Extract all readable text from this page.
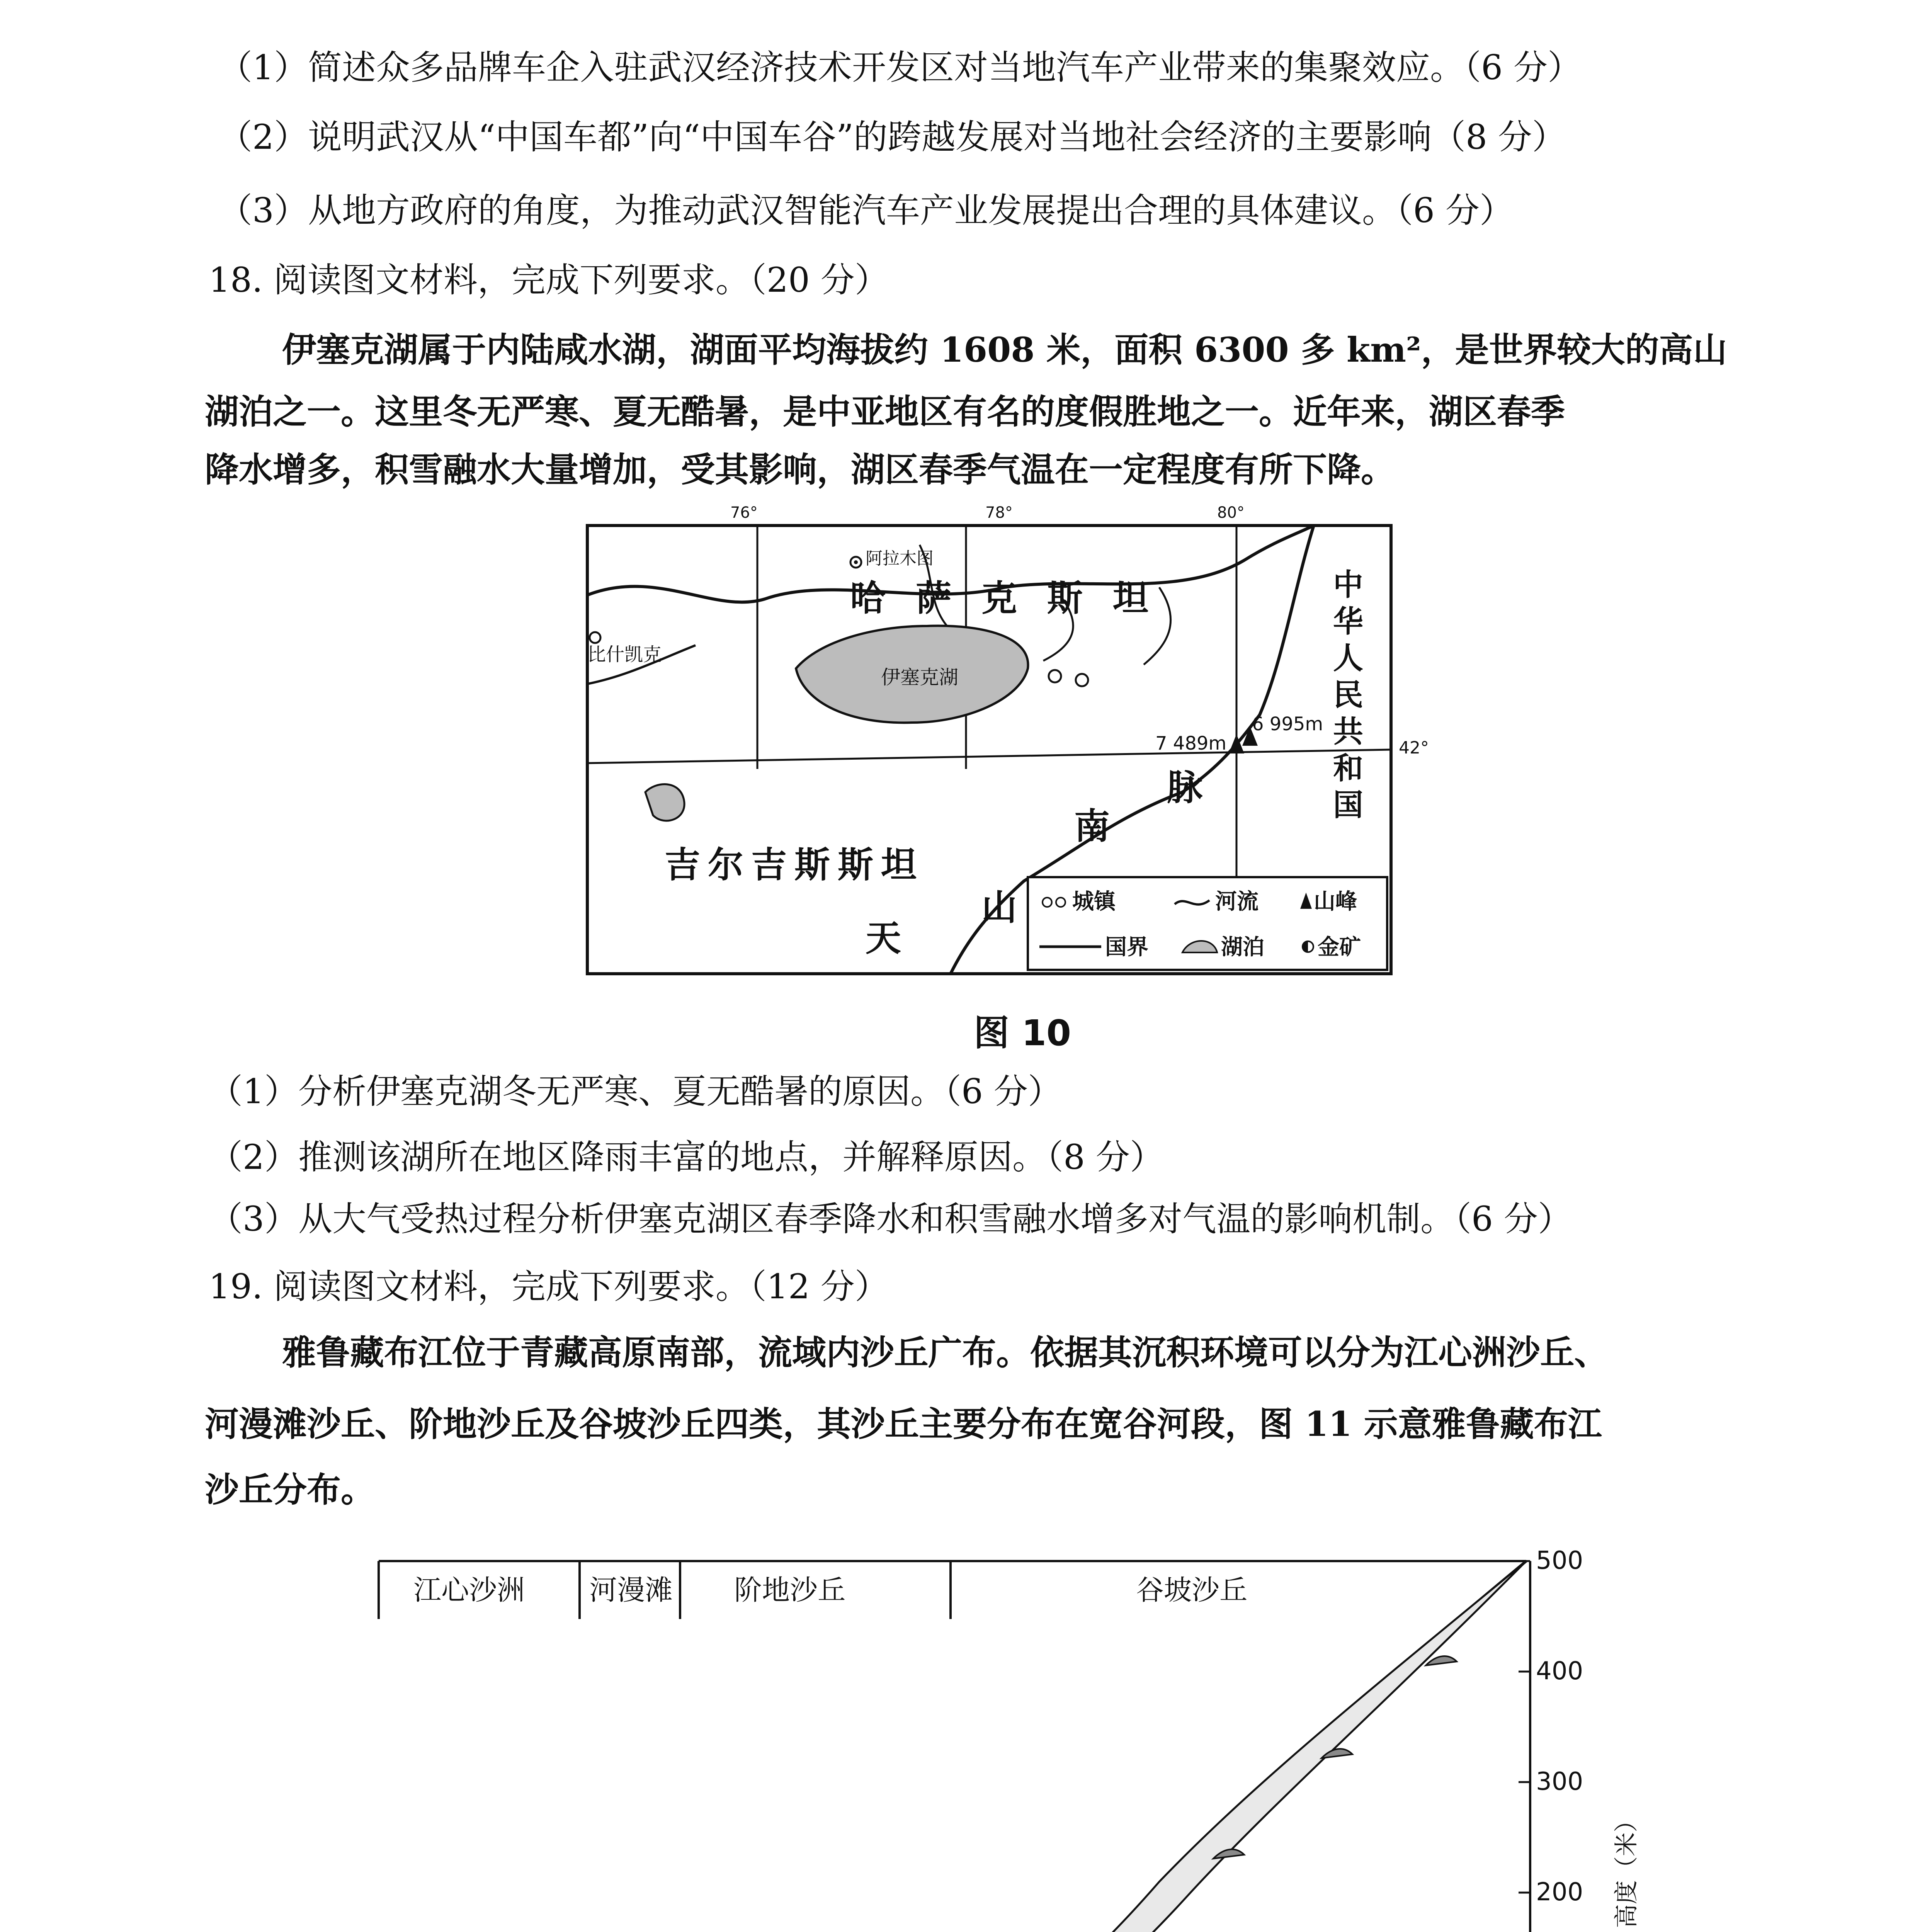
（1）简述众多品牌车企入驻武汉经济技术开发区对当地汽车产业带来的集聚效应。（6 分）
（2）说明武汉从“中国车都”向“中国车谷”的跨越发展对当地社会经济的主要影响（8 分）
（3）从地方政府的角度，为推动武汉智能汽车产业发展提出合理的具体建议。（6 分）
18. 阅读图文材料，完成下列要求。（20 分）
伊塞克湖属于内陆咸水湖，湖面平均海拔约 1608 米，面积 6300 多 km²，是世界较大的高山
湖泊之一。这里冬无严寒、夏无酷暑，是中亚地区有名的度假胜地之一。近年来，湖区春季
降水增多，积雪融水大量增加，受其影响，湖区春季气温在一定程度有所下降。
76°	78°	80°
42°
阿拉木图
比什凯克
伊塞克湖
6 995m
7 489m
哈 萨 克 斯 坦
吉尔吉斯斯坦
中
华
人
民
共
和
国
天
山
南
脉
城镇	河流	山峰
国界	湖泊 金矿
图 10
（1）分析伊塞克湖冬无严寒、夏无酷暑的原因。（6 分）
（2）推测该湖所在地区降雨丰富的地点，并解释原因。（8 分）
（3）从大气受热过程分析伊塞克湖区春季降水和积雪融水增多对气温的影响机制。（6 分）
19. 阅读图文材料，完成下列要求。（12 分）
雅鲁藏布江位于青藏高原南部，流域内沙丘广布。依据其沉积环境可以分为江心洲沙丘、
河漫滩沙丘、阶地沙丘及谷坡沙丘四类，其沙丘主要分布在宽谷河段，图 11 示意雅鲁藏布江
沙丘分布。
江心沙洲 河漫滩 阶地沙丘	谷坡沙丘
200
300
400
500
高度（米）
